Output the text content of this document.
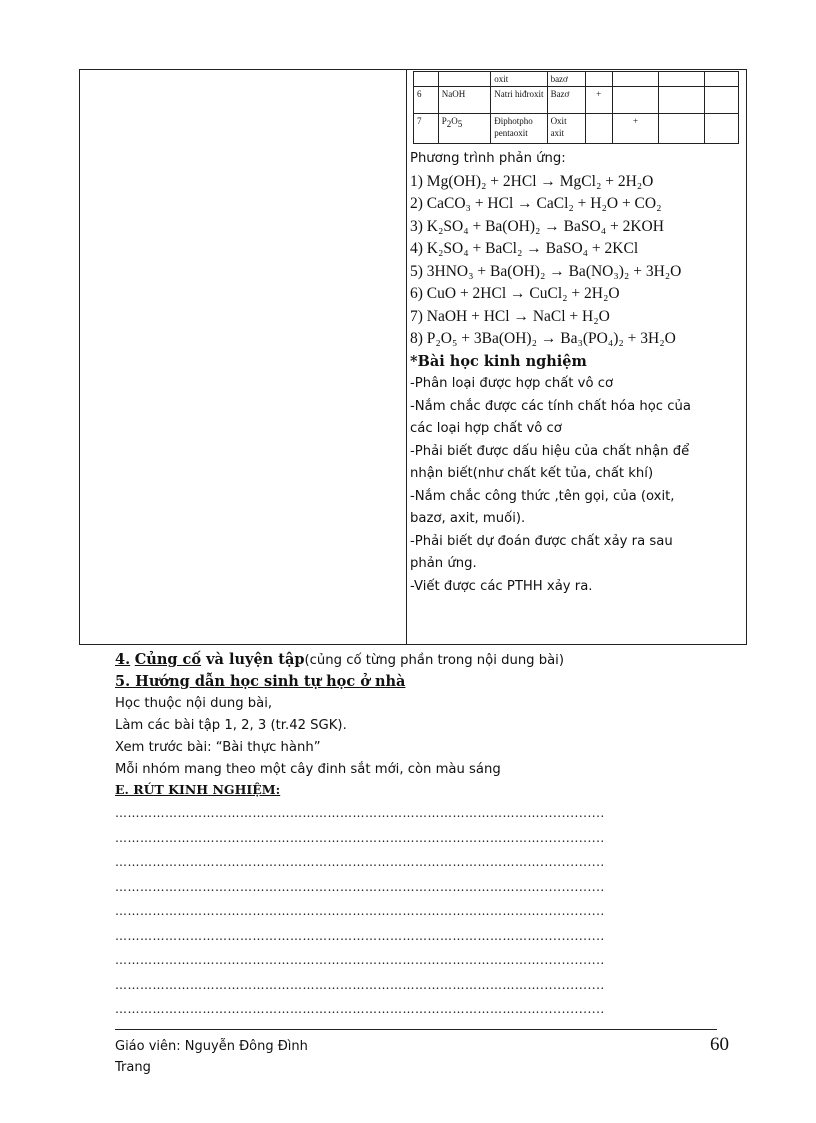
		oxit	bazơ				
6	NaOH	Natri hiđroxit	Bazơ	+			
7	$P_2O_5$	Điphotpho pentaoxit	Oxit axit		+		
Phương trình phản ứng:
1) Mg(OH)₂ + 2HCl → MgCl₂ + 2H₂O
2) CaCO₃ + HCl → CaCl₂ + H₂O + CO₂
3) K₂SO₄ + Ba(OH)₂ → BaSO₄ + 2KOH
4) K₂SO₄ + BaCl₂ → BaSO₄ + 2KCl
5) 3HNO₃ + Ba(OH)₂ → Ba(NO₃)₂ + 3H₂O
6) CuO + 2HCl → CuCl₂ + 2H₂O
7) NaOH + HCl → NaCl + H₂O
8) P₂O₅ + 3Ba(OH)₂ → Ba₃(PO₄)₂ + 3H₂O
*Bài học kinh nghiệm
-Phân loại được hợp chất vô cơ
-Nắm chắc được các tính chất hóa học của
các loại hợp chất vô cơ
-Phải biết được dấu hiệu của chất nhận để
nhận biết(như chất kết tủa, chất khí)
-Nắm chắc công thức ,tên gọi, của (oxit,
bazơ, axit, muối).
-Phải biết dự đoán được chất xảy ra sau
phản ứng.
-Viết được các PTHH xảy ra.
4. Củng cố và luyện tập(củng cố từng phần trong nội dung bài)
5. Hướng dẫn học sinh tự học ở nhà
Học thuộc nội dung bài,
Làm các bài tập 1, 2, 3 (tr.42 SGK).
Xem trước bài: “Bài thực hành”
Mỗi nhóm mang theo một cây đinh sắt mới, còn màu sáng
E. RÚT KINH NGHIỆM:
…………………………………………………………………………………………...............
…………………………………………………………………………………………...............
…………………………………………………………………………………………...............
…………………………………………………………………………………………...............
…………………………………………………………………………………………...............
…………………………………………………………………………………………...............
…………………………………………………………………………………………...............
…………………………………………………………………………………………...............
…………………………………………………………………………………………...............
Giáo viên: Nguyễn Đông Đình Trang
60
